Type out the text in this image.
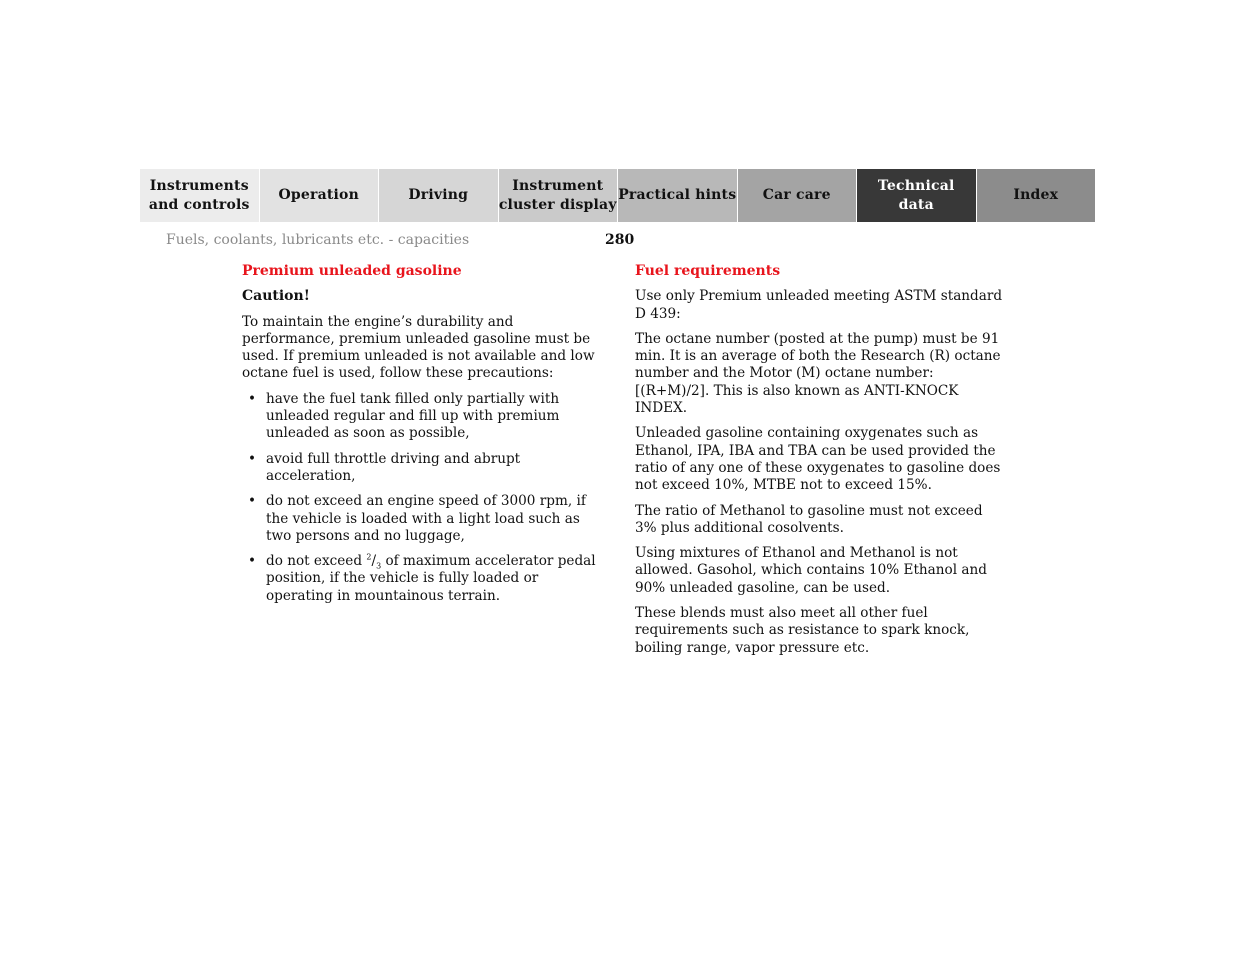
Instruments
and controls
Operation	Driving
Instrument
cluster display
Practical hints	Car care
Technical
data
Index
Fuels, coolants, lubricants etc. - capacities	280
Premium unleaded gasoline
Caution!

To maintain the engine’s durability and performance, premium unleaded gasoline must be used. If premium unleaded is not available and low octane fuel is used, follow these precautions:

• have the fuel tank filled only partially with unleaded regular and fill up with premium unleaded as soon as possible,
• avoid full throttle driving and abrupt acceleration,
• do not exceed an engine speed of 3000 rpm, if the vehicle is loaded with a light load such as two persons and no luggage,
• do not exceed $^2/_3$ of maximum accelerator pedal position, if the vehicle is fully loaded or operating in mountainous terrain.
Fuel requirements

Use only Premium unleaded meeting ASTM standard D 439:

The octane number (posted at the pump) must be 91 min. It is an average of both the Research (R) octane number and the Motor (M) octane number: [(R+M)/2]. This is also known as ANTI-KNOCK INDEX.

Unleaded gasoline containing oxygenates such as Ethanol, IPA, IBA and TBA can be used provided the ratio of any one of these oxygenates to gasoline does not exceed 10%, MTBE not to exceed 15%.

The ratio of Methanol to gasoline must not exceed 3% plus additional cosolvents.

Using mixtures of Ethanol and Methanol is not allowed. Gasohol, which contains 10% Ethanol and 90% unleaded gasoline, can be used.

These blends must also meet all other fuel requirements such as resistance to spark knock, boiling range, vapor pressure etc.
